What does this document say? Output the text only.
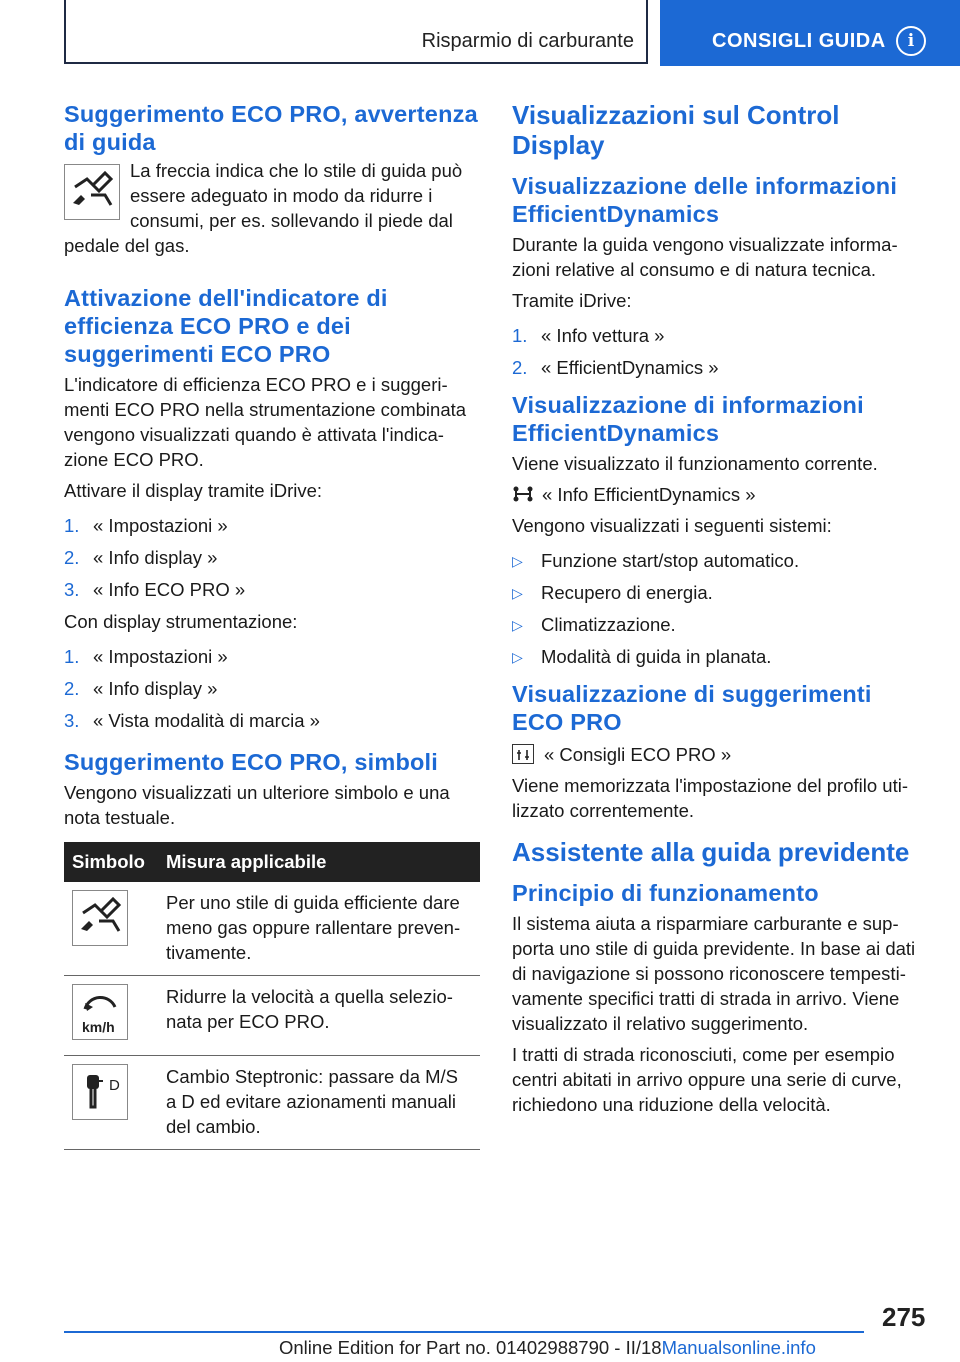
Risparmio di carburante	CONSIGLI GUIDA	i
Suggerimento ECO PRO, avvertenza di guida

La freccia indica che lo stile di guida può essere adeguato in modo da ridurre i consumi, per es. sollevando il piede dal pedale del gas.

Attivazione dell'indicatore di efficienza ECO PRO e dei suggerimenti ECO PRO

L'indicatore di efficienza ECO PRO e i suggerimenti ECO PRO nella strumentazione combinata vengono visualizzati quando è attivata l'indicazione ECO PRO.

Attivare il display tramite iDrive:

1. « Impostazioni »
2. « Info display »
3. « Info ECO PRO »

Con display strumentazione:

1. « Impostazioni »
2. « Info display »
3. « Vista modalità di marcia »
Suggerimento ECO PRO, simboli

Vengono visualizzati un ulteriore simbolo e una nota testuale.

Simbolo	Misura applicabile
	Per uno stile di guida efficiente dare meno gas oppure rallentare preventivamente.

km/h	Ridurre la velocità a quella selezionata per ECO PRO.

D	Cambio Steptronic: passare da M/S a D ed evitare azionamenti manuali del cambio.
Visualizzazioni sul Control Display
Visualizzazione delle informazioni EfficientDynamics

Durante la guida vengono visualizzate informazioni relative al consumo e di natura tecnica.

Tramite iDrive:

1. « Info vettura »
2. « EfficientDynamics »
Visualizzazione di informazioni EfficientDynamics

Viene visualizzato il funzionamento corrente.

« Info EfficientDynamics »

Vengono visualizzati i seguenti sistemi:

▷ Funzione start/stop automatico.
▷ Recupero di energia.
▷ Climatizzazione.
▷ Modalità di guida in planata.
Visualizzazione di suggerimenti ECO PRO

« Consigli ECO PRO »

Viene memorizzata l'impostazione del profilo utilizzato correntemente.

Assistente alla guida previdente
Principio di funzionamento

Il sistema aiuta a risparmiare carburante e supporta uno stile di guida previdente. In base ai dati di navigazione si possono riconoscere tempestivamente specifici tratti di strada in arrivo. Viene visualizzato il relativo suggerimento.

I tratti di strada riconosciuti, come per esempio centri abitati in arrivo oppure una serie di curve, richiedono una riduzione della velocità.

275
Online Edition for Part no. 01402988790 - II/18Manualsonline.info
